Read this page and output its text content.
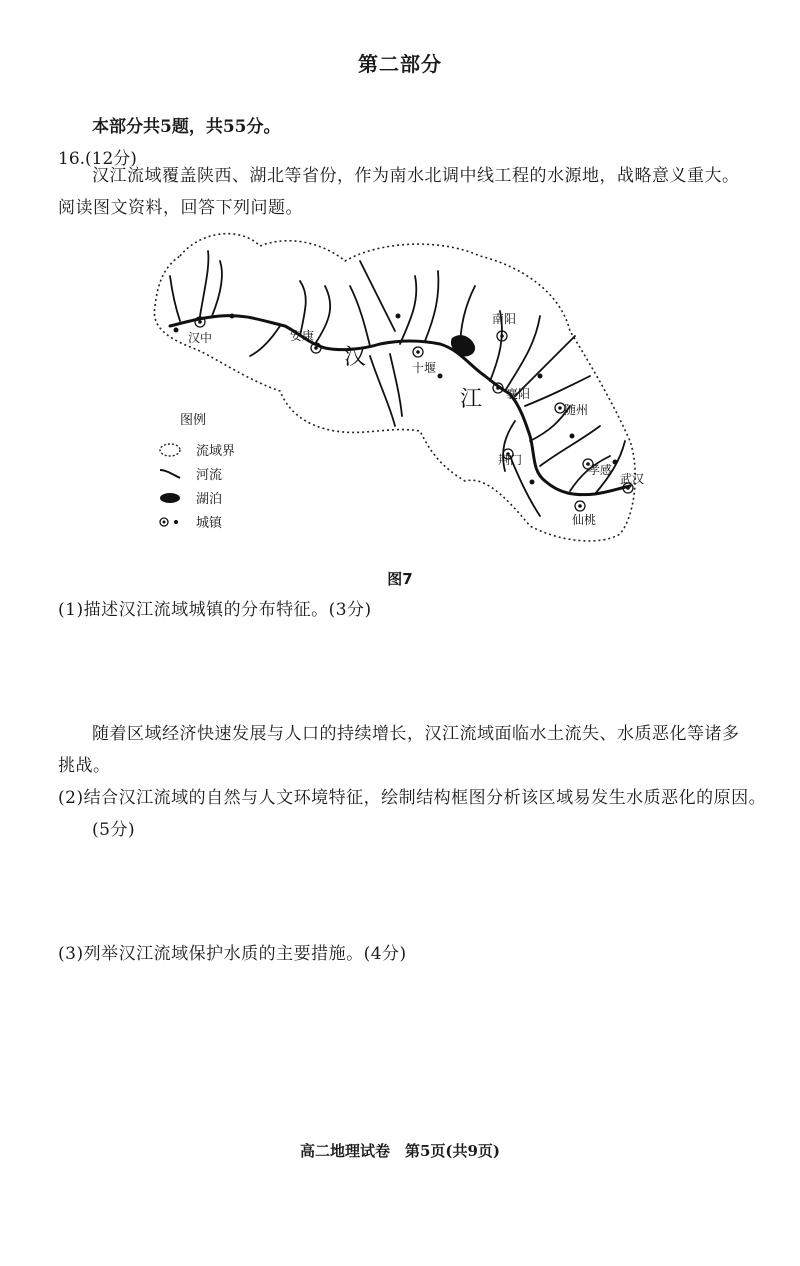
第二部分

本部分共5题，共55分。

16.(12分)

汉江流域覆盖陕西、湖北等省份，作为南水北调中线工程的水源地，战略意义重大。阅读图文资料，回答下列问题。

汉中	安康
十堰
南阳
襄阳
随州
荆门
孝感
武汉
仙桃
汉
江
图例
流域界
河流
湖泊
城镇

图7

(1)描述汉江流域城镇的分布特征。(3分)

随着区域经济快速发展与人口的持续增长，汉江流域面临水土流失、水质恶化等诸多挑战。

(2)结合汉江流域的自然与人文环境特征，绘制结构框图分析该区域易发生水质恶化的原因。(5分)

(3)列举汉江流域保护水质的主要措施。(4分)

高二地理试卷　第5页(共9页)
